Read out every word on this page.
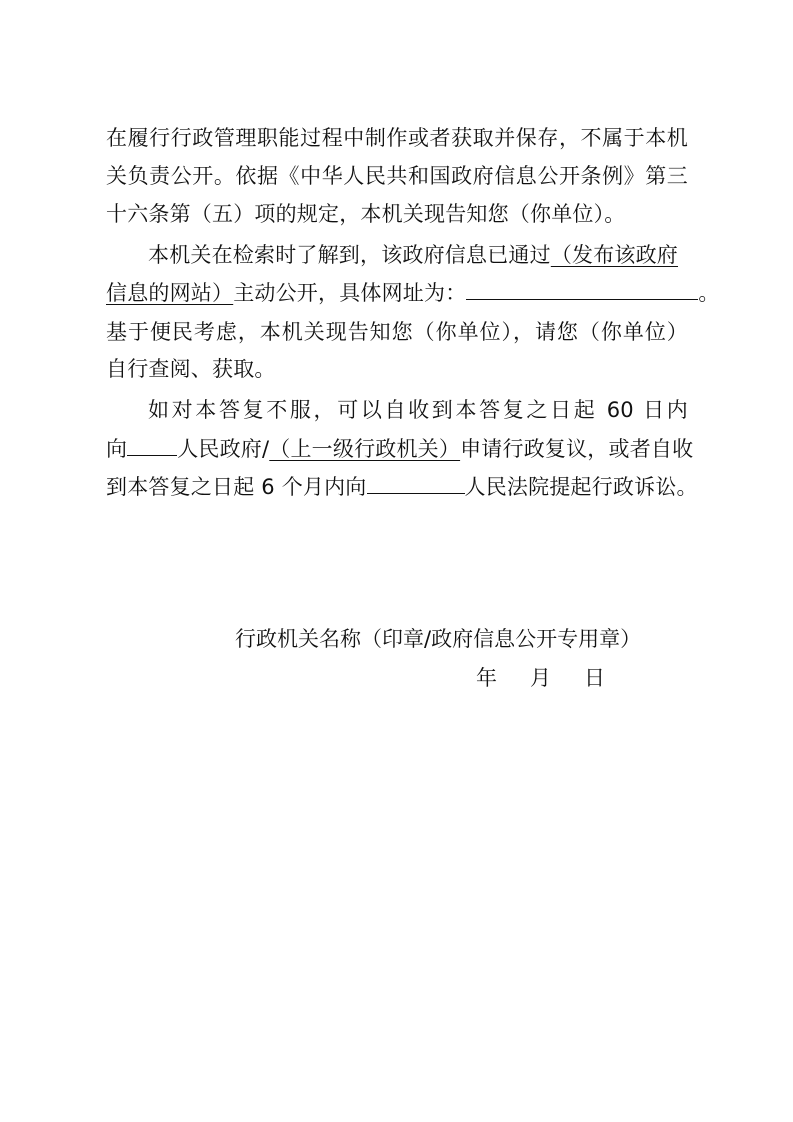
在履行行政管理职能过程中制作或者获取并保存，不属于本机
关负责公开。依据《中华人民共和国政府信息公开条例》第三
十六条第（五）项的规定，本机关现告知您（你单位）。
本机关在检索时了解到，该政府信息已通过（发布该政府
信息的网站）主动公开，具体网址为：	。
基于便民考虑，本机关现告知您（你单位），请您（你单位）
自行查阅、获取。
如对本答复不服，可以自收到本答复之日起 60 日内
向 人民政府/（上一级行政机关）申请行政复议，或者自收
到本答复之日起 6 个月内向	人民法院提起行政诉讼。
行政机关名称（印章/政府信息公开专用章）
年 月 日
